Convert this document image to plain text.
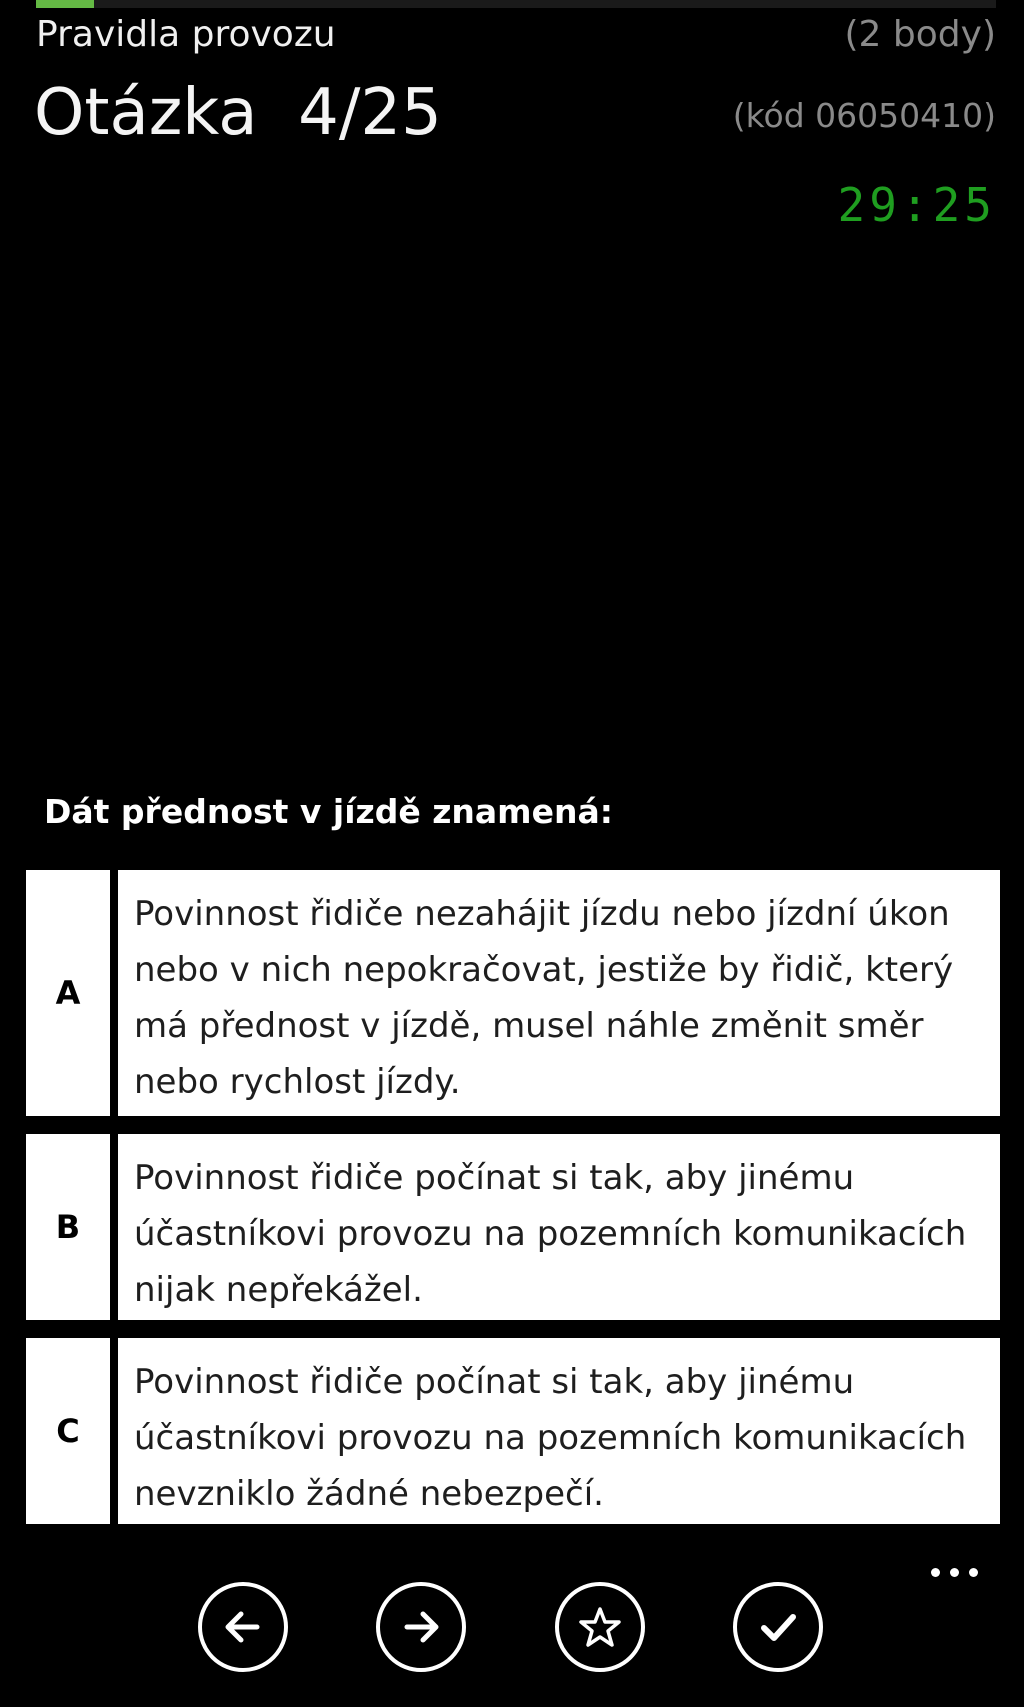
Pravidla provozu	(2 body)
Otázka  4/25	(kód 06050410)
29:25
Dát přednost v jízdě znamená:
A
Povinnost řidiče nezahájit jízdu nebo jízdní úkon nebo v nich nepokračovat, jestiže by řidič, který má přednost v jízdě, musel náhle změnit směr nebo rychlost jízdy.
B
Povinnost řidiče počínat si tak, aby jinému účastníkovi provozu na pozemních komunikacích nijak nepřekážel.
C
Povinnost řidiče počínat si tak, aby jinému účastníkovi provozu na pozemních komunikacích nevzniklo žádné nebezpečí.
